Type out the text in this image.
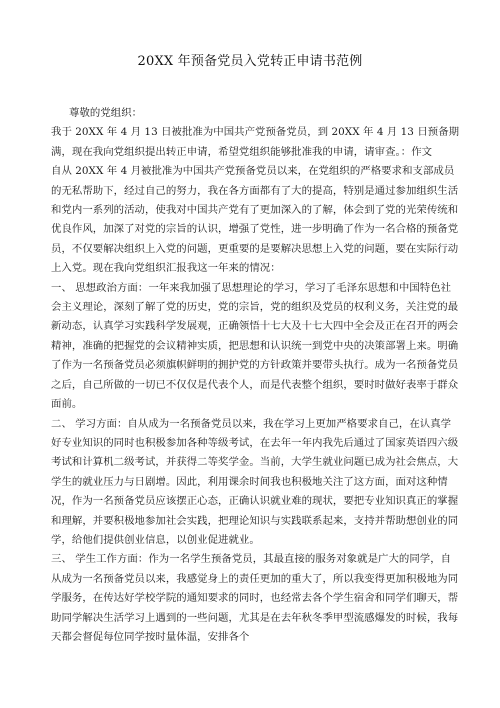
20XX 年预备党员入党转正申请书范例

尊敬的党组织：

我于 20XX 年 4 月 13 日被批准为中国共产党预备党员，到 20XX 年 4 月 13 日预备期满，现在我向党组织提出转正申请，希望党组织能够批准我的申请，请审查。：作文

自从 20XX 年 4 月被批准为中国共产党预备党员以来，在党组织的严格要求和支部成员的无私帮助下，经过自己的努力，我在各方面都有了大的提高，特别是通过参加组织生活和党内一系列的活动，使我对中国共产党有了更加深入的了解，体会到了党的光荣传统和优良作风，加深了对党的宗旨的认识，增强了党性，进一步明确了作为一名合格的预备党员，不仅要解决组织上入党的问题，更重要的是要解决思想上入党的问题，要在实际行动上入党。现在我向党组织汇报我这一年来的情况：

一、 思想政治方面：一年来我加强了思想理论的学习，学习了毛泽东思想和中国特色社会主义理论，深刻了解了党的历史，党的宗旨，党的组织及党员的权利义务，关注党的最新动态，认真学习实践科学发展观，正确领悟十七大及十七大四中全会及正在召开的两会精神，准确的把握党的会议精神实质，把思想和认识统一到党中央的决策部署上来。明确了作为一名预备党员必须旗帜鲜明的拥护党的方针政策并要带头执行。成为一名预备党员之后，自己所做的一切已不仅仅是代表个人，而是代表整个组织，要时时做好表率于群众面前。

二、 学习方面：自从成为一名预备党员以来，我在学习上更加严格要求自己，在认真学好专业知识的同时也积极参加各种等级考试，在去年一年内我先后通过了国家英语四六级考试和计算机二级考试，并获得二等奖学金。当前，大学生就业问题已成为社会焦点，大学生的就业压力与日剧增。因此，利用课余时间我也积极地关注了这方面，面对这种情况，作为一名预备党员应该摆正心态，正确认识就业难的现状，要把专业知识真正的掌握和理解，并要积极地参加社会实践，把理论知识与实践联系起来，支持并帮助想创业的同学，给他们提供创业信息，以创业促进就业。

三、 学生工作方面：作为一名学生预备党员，其最直接的服务对象就是广大的同学，自从成为一名预备党员以来，我感觉身上的责任更加的重大了，所以我变得更加积极地为同学服务，在传达好学校学院的通知要求的同时，也经常去各个学生宿舍和同学们聊天，帮助同学解决生活学习上遇到的一些问题，尤其是在去年秋冬季甲型流感爆发的时候，我每天都会督促每位同学按时量体温，安排各个
